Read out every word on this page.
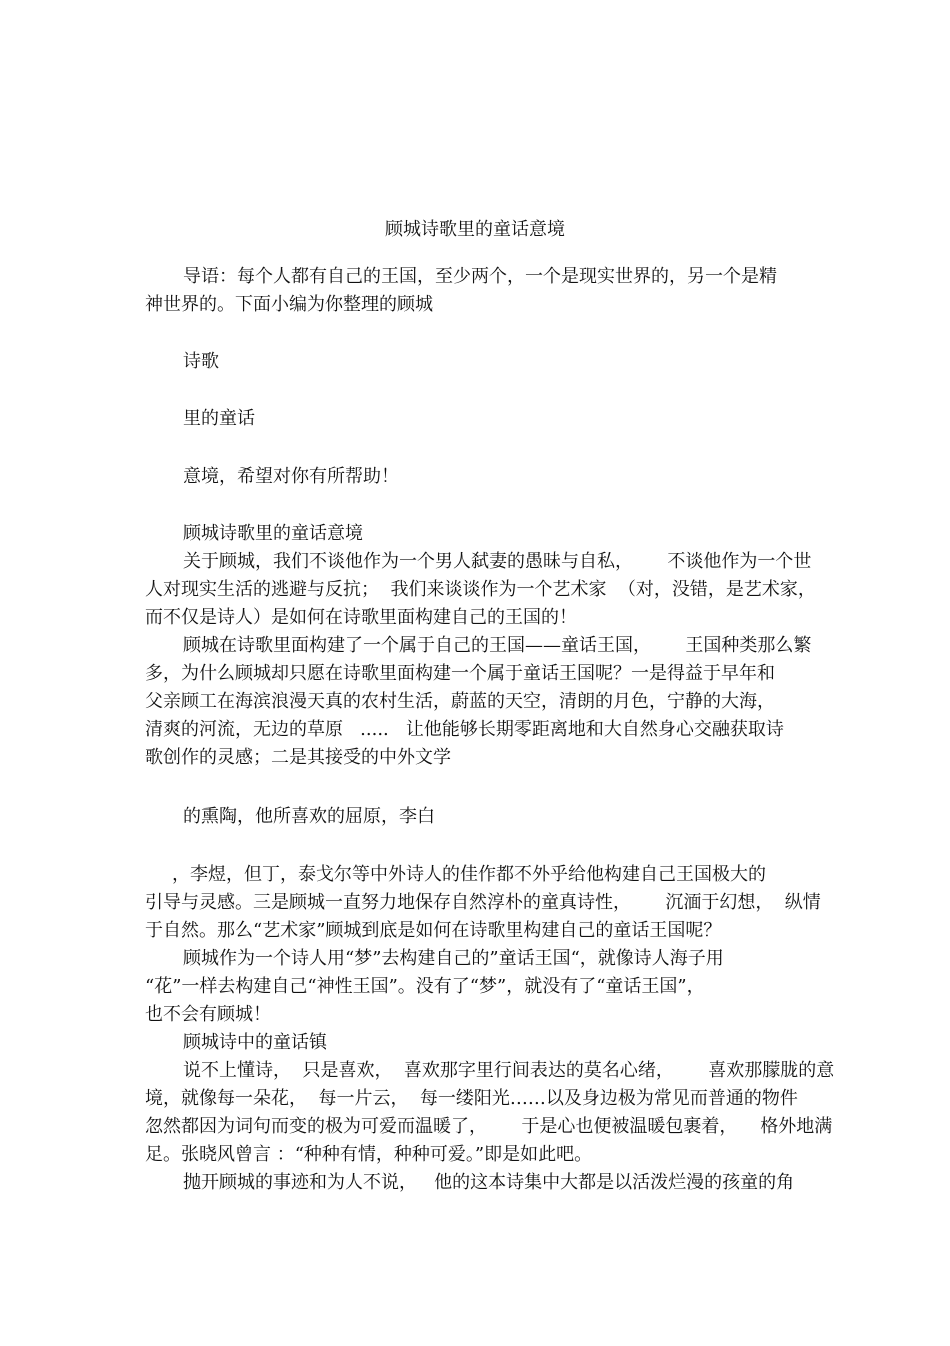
顾城诗歌里的童话意境
导语：每个人都有自己的王国，至少两个，一个是现实世界的，另一个是精
神世界的。下面小编为你整理的顾城
诗歌
里的童话
意境，希望对你有所帮助！
顾城诗歌里的童话意境
关于顾城，我们不谈他作为一个男人弑妻的愚昧与自私，      不谈他作为一个世
人对现实生活的逃避与反抗；  我们来谈谈作为一个艺术家  （对，没错，是艺术家，
而不仅是诗人）是如何在诗歌里面构建自己的王国的！
顾城在诗歌里面构建了一个属于自己的王国——童话王国，      王国种类那么繁
多，为什么顾城却只愿在诗歌里面构建一个属于童话王国呢？一是得益于早年和
父亲顾工在海滨浪漫天真的农村生活，蔚蓝的天空，清朗的月色，宁静的大海，
清爽的河流，无边的草原   .....   让他能够长期零距离地和大自然身心交融获取诗
歌创作的灵感；二是其接受的中外文学
的熏陶，他所喜欢的屈原，李白
，李煜，但丁，泰戈尔等中外诗人的佳作都不外乎给他构建自己王国极大的
引导与灵感。三是顾城一直努力地保存自然淳朴的童真诗性，      沉湎于幻想，  纵情
于自然。那么“艺术家”顾城到底是如何在诗歌里构建自己的童话王国呢？
顾城作为一个诗人用“梦”去构建自己的”童话王国“，就像诗人海子用
“花”一样去构建自己“神性王国”。没有了“梦”，就没有了“童话王国”，
也不会有顾城！
顾城诗中的童话镇
说不上懂诗，  只是喜欢，  喜欢那字里行间表达的莫名心绪，      喜欢那朦胧的意
境，就像每一朵花，  每一片云，  每一缕阳光……以及身边极为常见而普通的物件
忽然都因为词句而变的极为可爱而温暖了，      于是心也便被温暖包裹着，    格外地满
足。张晓风曾言 ：“种种有情，种种可爱。”即是如此吧。
抛开顾城的事迹和为人不说，   他的这本诗集中大都是以活泼烂漫的孩童的角
